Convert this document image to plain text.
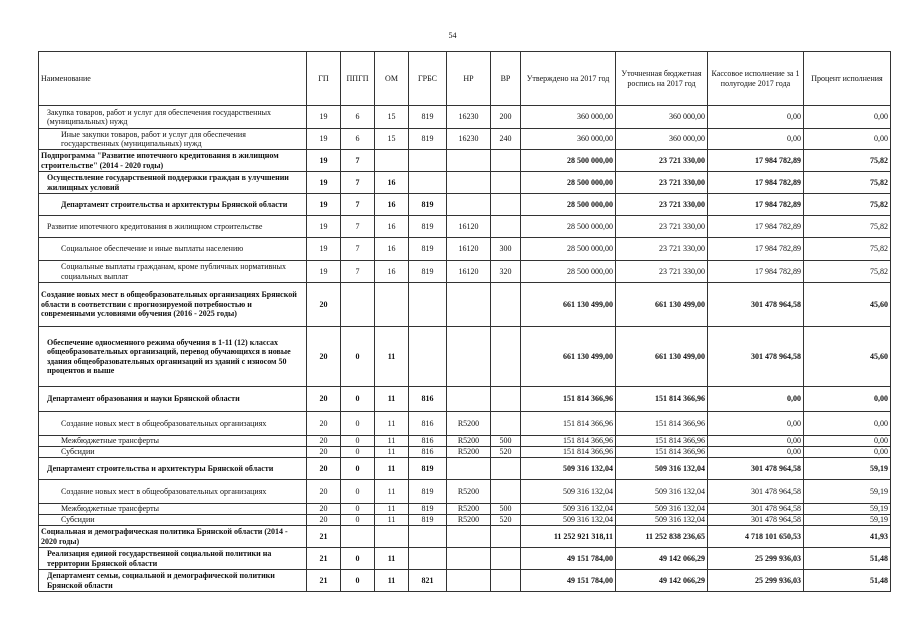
54
Наименование	ГП	ППГП	ОМ	ГРБС	НР	ВР	Утверждено на 2017 год	Уточненная бюджетная роспись на 2017 год	Кассовое исполнение за 1 полугодие 2017 года	Процент исполнения
Закупка товаров, работ и услуг для обеспечения государственных (муниципальных) нужд	19	6	15	819	16230	200	360 000,00	360 000,00	0,00	0,00
Иные закупки товаров, работ и услуг для обеспечения государственных (муниципальных) нужд	19	6	15	819	16230	240	360 000,00	360 000,00	0,00	0,00
Подпрограмма "Развитие ипотечного кредитования в жилищном строительстве" (2014 - 2020 годы)	19	7					28 500 000,00	23 721 330,00	17 984 782,89	75,82
Осуществление государственной поддержки граждан в улучшении жилищных условий	19	7	16				28 500 000,00	23 721 330,00	17 984 782,89	75,82
Департамент строительства и архитектуры Брянской области	19	7	16	819			28 500 000,00	23 721 330,00	17 984 782,89	75,82
Развитие ипотечного кредитования в жилищном строительстве	19	7	16	819	16120		28 500 000,00	23 721 330,00	17 984 782,89	75,82
Социальное обеспечение и иные выплаты населению	19	7	16	819	16120	300	28 500 000,00	23 721 330,00	17 984 782,89	75,82
Социальные выплаты гражданам, кроме публичных нормативных социальных выплат	19	7	16	819	16120	320	28 500 000,00	23 721 330,00	17 984 782,89	75,82
Создание новых мест в общеобразовательных организациях Брянской области в соответствии с прогнозируемой потребностью и современными условиями обучения (2016 - 2025 годы)	20						661 130 499,00	661 130 499,00	301 478 964,58	45,60
Обеспечение односменного режима обучения в 1-11 (12) классах общеобразовательных организаций, перевод обучающихся в новые здания общеобразовательных организаций из зданий с износом 50 процентов и выше	20	0	11				661 130 499,00	661 130 499,00	301 478 964,58	45,60
Департамент образования и науки Брянской области	20	0	11	816			151 814 366,96	151 814 366,96	0,00	0,00
Создание новых мест в общеобразовательных организациях	20	0	11	816	R5200		151 814 366,96	151 814 366,96	0,00	0,00
Межбюджетные трансферты	20	0	11	816	R5200	500	151 814 366,96	151 814 366,96	0,00	0,00
Субсидии	20	0	11	816	R5200	520	151 814 366,96	151 814 366,96	0,00	0,00
Департамент строительства и архитектуры Брянской области	20	0	11	819			509 316 132,04	509 316 132,04	301 478 964,58	59,19
Создание новых мест в общеобразовательных организациях	20	0	11	819	R5200		509 316 132,04	509 316 132,04	301 478 964,58	59,19
Межбюджетные трансферты	20	0	11	819	R5200	500	509 316 132,04	509 316 132,04	301 478 964,58	59,19
Субсидии	20	0	11	819	R5200	520	509 316 132,04	509 316 132,04	301 478 964,58	59,19
Социальная и демографическая политика Брянской области (2014 - 2020 годы)	21						11 252 921 318,11	11 252 838 236,65	4 718 101 650,53	41,93
Реализация единой государственной социальной политики на территории Брянской области	21	0	11				49 151 784,00	49 142 066,29	25 299 936,03	51,48
Департамент семьи, социальной и демографической политики Брянской области	21	0	11	821			49 151 784,00	49 142 066,29	25 299 936,03	51,48
